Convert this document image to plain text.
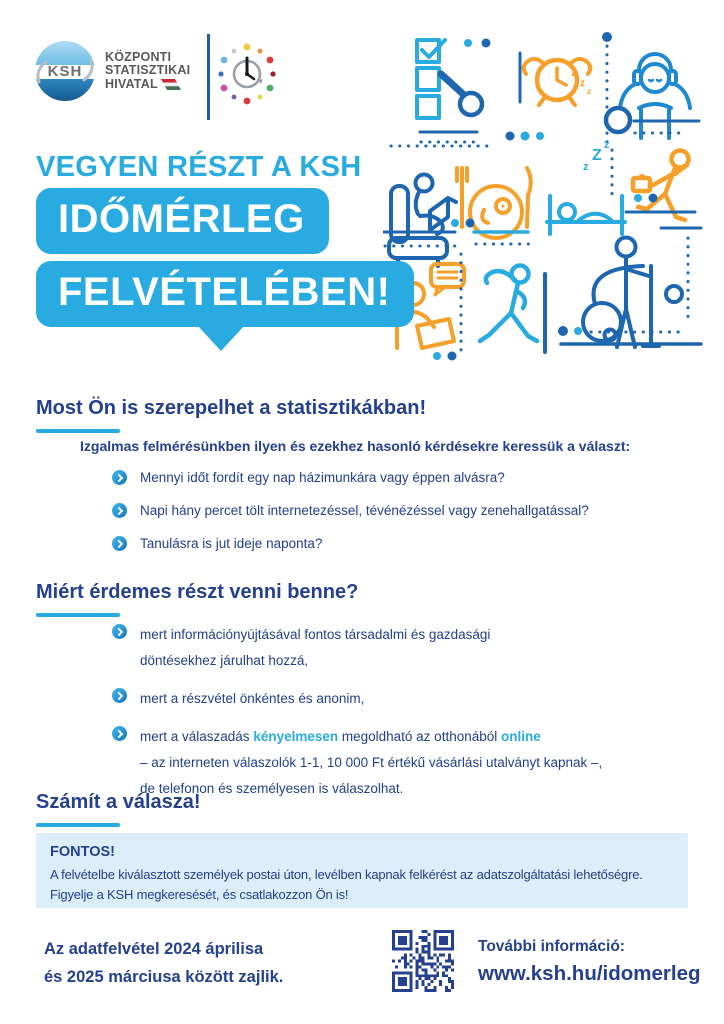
KSH
KÖZPONTI
STATISZTIKAI
HIVATAL
z
z
z
Z
z
z
VEGYEN RÉSZT A KSH
IDŐMÉRLEG
FELVÉTELÉBEN!
Most Ön is szerepelhet a statisztikákban!
Izgalmas felmérésünkben ilyen és ezekhez hasonló kérdésekre keressük a választ:
Mennyi időt fordít egy nap házimunkára vagy éppen alvásra?
Napi hány percet tölt internetezéssel, tévénézéssel vagy zenehallgatással?
Tanulásra is jut ideje naponta?
Miért érdemes részt venni benne?
mert információnyújtásával fontos társadalmi és gazdasági
döntésekhez járulhat hozzá,
mert a részvétel önkéntes és anonim,
mert a válaszadás kényelmesen megoldható az otthonából online
– az interneten válaszolók 1-1, 10 000 Ft értékű vásárlási utalványt kapnak –,
de telefonon és személyesen is válaszolhat.
Számít a válasza!
FONTOS!
A felvételbe kiválasztott személyek postai úton, levélben kapnak felkérést az adatszolgáltatási lehetőségre.
Figyelje a KSH megkeresését, és csatlakozzon Ön is!
Az adatfelvétel 2024 áprilisa
és 2025 márciusa között zajlik.
További információ:
www.ksh.hu/idomerleg
